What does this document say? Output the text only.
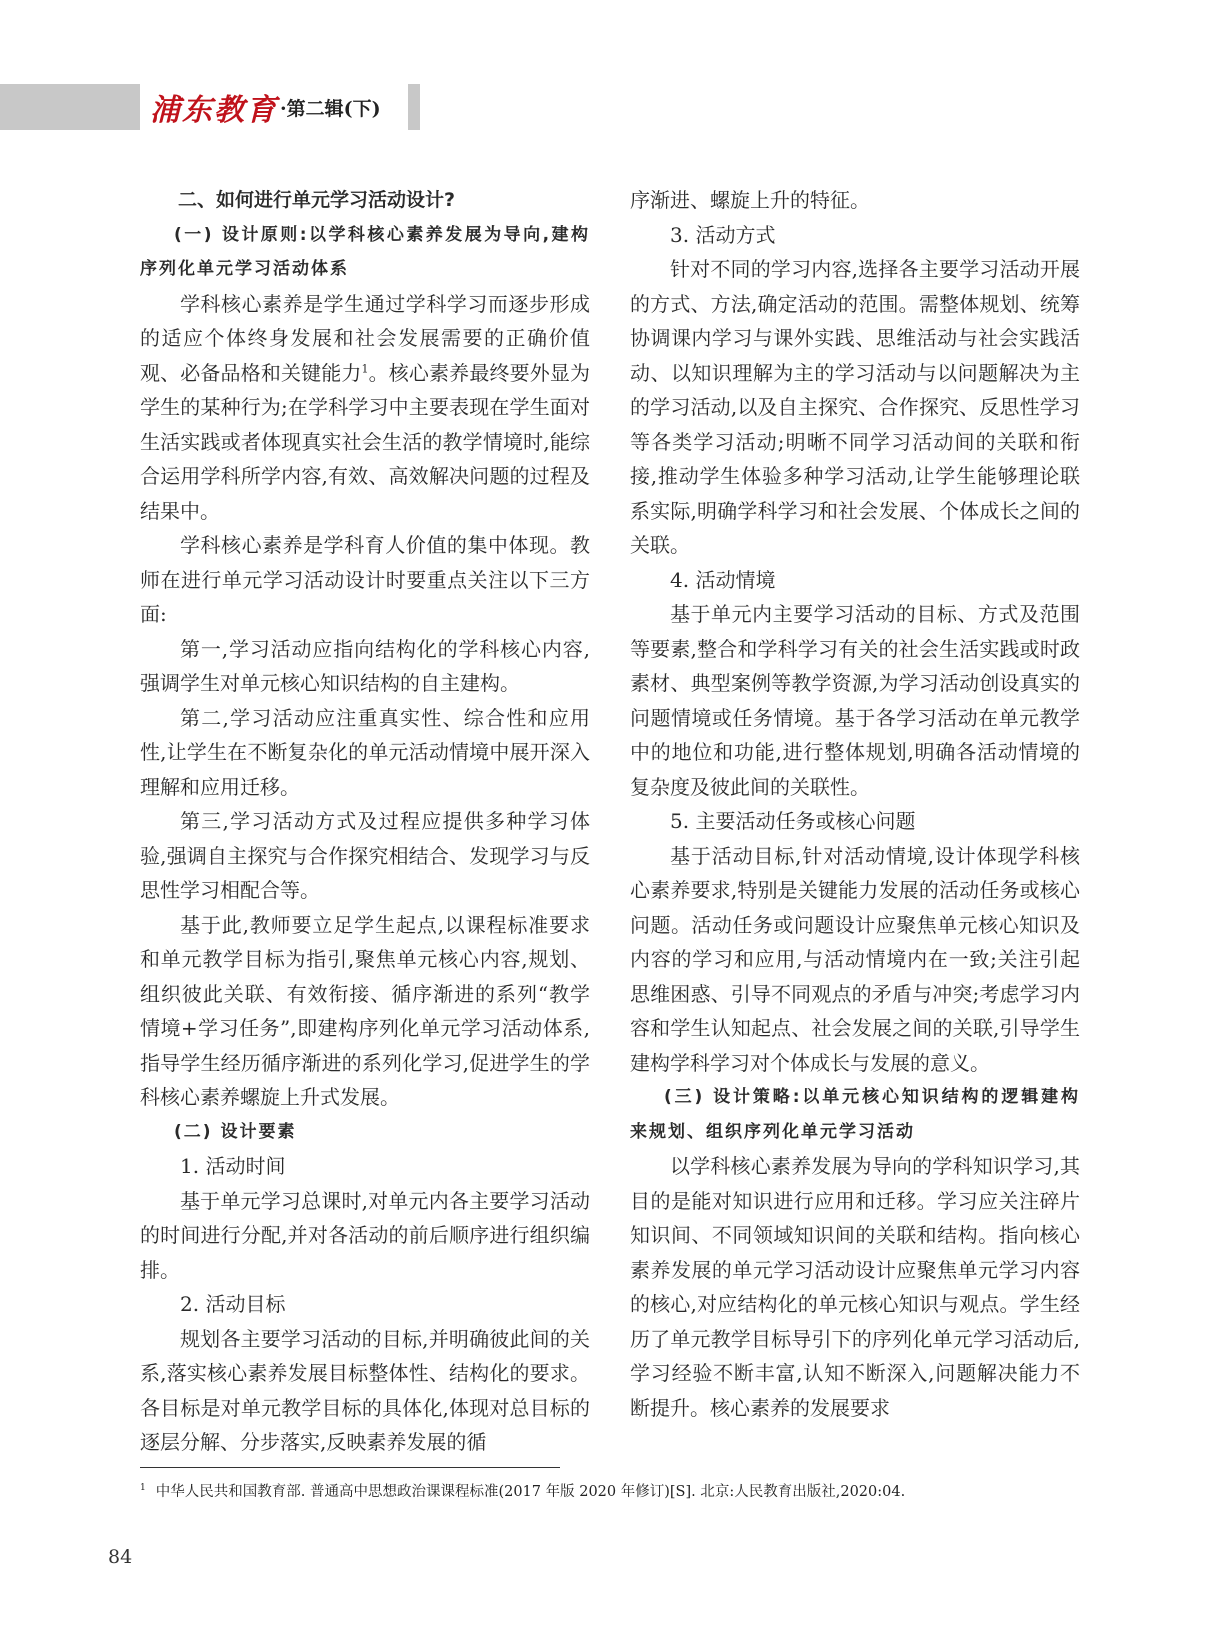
浦东教育 ·第二辑(下)

二、如何进行单元学习活动设计?

(一) 设计原则:以学科核心素养发展为导向,建构序列化单元学习活动体系

学科核心素养是学生通过学科学习而逐步形成的适应个体终身发展和社会发展需要的正确价值观、必备品格和关键能力$^1$。核心素养最终要外显为学生的某种行为;在学科学习中主要表现在学生面对生活实践或者体现真实社会生活的教学情境时,能综合运用学科所学内容,有效、高效解决问题的过程及结果中。

学科核心素养是学科育人价值的集中体现。教师在进行单元学习活动设计时要重点关注以下三方面:

第一,学习活动应指向结构化的学科核心内容,强调学生对单元核心知识结构的自主建构。

第二,学习活动应注重真实性、综合性和应用性,让学生在不断复杂化的单元活动情境中展开深入理解和应用迁移。

第三,学习活动方式及过程应提供多种学习体验,强调自主探究与合作探究相结合、发现学习与反思性学习相配合等。

基于此,教师要立足学生起点,以课程标准要求和单元教学目标为指引,聚焦单元核心内容,规划、组织彼此关联、有效衔接、循序渐进的系列“教学情境+学习任务”,即建构序列化单元学习活动体系,指导学生经历循序渐进的系列化学习,促进学生的学科核心素养螺旋上升式发展。

(二) 设计要素

1. 活动时间

基于单元学习总课时,对单元内各主要学习活动的时间进行分配,并对各活动的前后顺序进行组织编排。

2. 活动目标

规划各主要学习活动的目标,并明确彼此间的关系,落实核心素养发展目标整体性、结构化的要求。各目标是对单元教学目标的具体化,体现对总目标的逐层分解、分步落实,反映素养发展的循

序渐进、螺旋上升的特征。

3. 活动方式

针对不同的学习内容,选择各主要学习活动开展的方式、方法,确定活动的范围。需整体规划、统筹协调课内学习与课外实践、思维活动与社会实践活动、以知识理解为主的学习活动与以问题解决为主的学习活动,以及自主探究、合作探究、反思性学习等各类学习活动;明晰不同学习活动间的关联和衔接,推动学生体验多种学习活动,让学生能够理论联系实际,明确学科学习和社会发展、个体成长之间的关联。

4. 活动情境

基于单元内主要学习活动的目标、方式及范围等要素,整合和学科学习有关的社会生活实践或时政素材、典型案例等教学资源,为学习活动创设真实的问题情境或任务情境。基于各学习活动在单元教学中的地位和功能,进行整体规划,明确各活动情境的复杂度及彼此间的关联性。

5. 主要活动任务或核心问题

基于活动目标,针对活动情境,设计体现学科核心素养要求,特别是关键能力发展的活动任务或核心问题。活动任务或问题设计应聚焦单元核心知识及内容的学习和应用,与活动情境内在一致;关注引起思维困惑、引导不同观点的矛盾与冲突;考虑学习内容和学生认知起点、社会发展之间的关联,引导学生建构学科学习对个体成长与发展的意义。

(三) 设计策略:以单元核心知识结构的逻辑建构来规划、组织序列化单元学习活动

以学科核心素养发展为导向的学科知识学习,其目的是能对知识进行应用和迁移。学习应关注碎片知识间、不同领域知识间的关联和结构。指向核心素养发展的单元学习活动设计应聚焦单元学习内容的核心,对应结构化的单元核心知识与观点。学生经历了单元教学目标导引下的序列化单元学习活动后,学习经验不断丰富,认知不断深入,问题解决能力不断提升。核心素养的发展要求

$^1$ 中华人民共和国教育部. 普通高中思想政治课课程标准(2017 年版 2020 年修订)[S]. 北京:人民教育出版社,2020:04.
84
